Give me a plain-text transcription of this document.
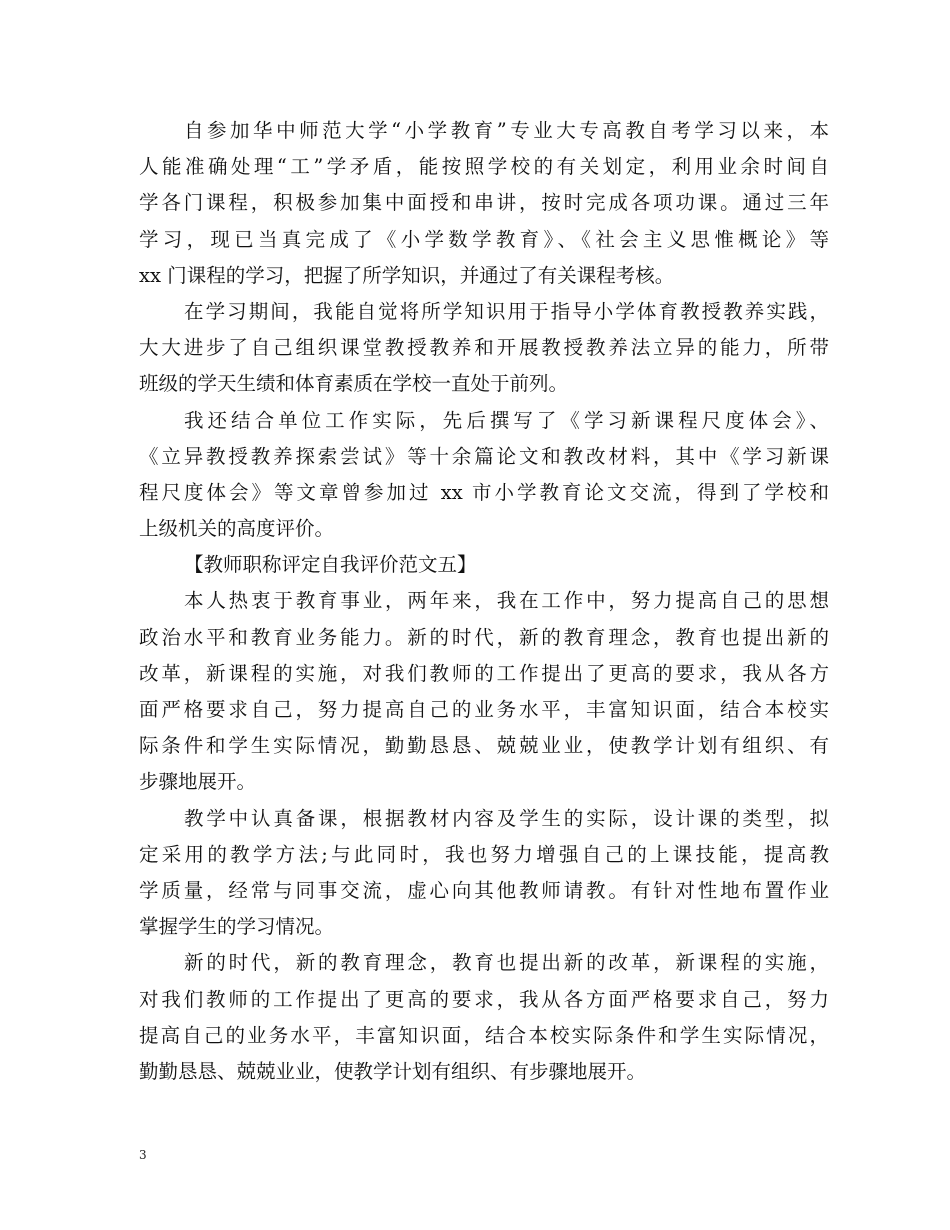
自参加华中师范大学“小学教育”专业大专高教自考学习以来，本
人能准确处理“工”学矛盾，能按照学校的有关划定，利用业余时间自
学各门课程，积极参加集中面授和串讲，按时完成各项功课。通过三年
学习，现已当真完成了《小学数学教育》、《社会主义思惟概论》等
xx 门课程的学习，把握了所学知识，并通过了有关课程考核。
在学习期间，我能自觉将所学知识用于指导小学体育教授教养实践，
大大进步了自己组织课堂教授教养和开展教授教养法立异的能力，所带
班级的学天生绩和体育素质在学校一直处于前列。
我还结合单位工作实际，先后撰写了《学习新课程尺度体会》、
《立异教授教养探索尝试》等十余篇论文和教改材料，其中《学习新课
程尺度体会》等文章曾参加过 xx 市小学教育论文交流，得到了学校和
上级机关的高度评价。
【教师职称评定自我评价范文五】
本人热衷于教育事业，两年来，我在工作中，努力提高自己的思想
政治水平和教育业务能力。新的时代，新的教育理念，教育也提出新的
改革，新课程的实施，对我们教师的工作提出了更高的要求，我从各方
面严格要求自己，努力提高自己的业务水平，丰富知识面，结合本校实
际条件和学生实际情况，勤勤恳恳、兢兢业业，使教学计划有组织、有
步骤地展开。
教学中认真备课，根据教材内容及学生的实际，设计课的类型，拟
定采用的教学方法;与此同时，我也努力增强自己的上课技能，提高教
学质量，经常与同事交流，虚心向其他教师请教。有针对性地布置作业
掌握学生的学习情况。
新的时代，新的教育理念，教育也提出新的改革，新课程的实施，
对我们教师的工作提出了更高的要求，我从各方面严格要求自己，努力
提高自己的业务水平，丰富知识面，结合本校实际条件和学生实际情况，
勤勤恳恳、兢兢业业，使教学计划有组织、有步骤地展开。
3
